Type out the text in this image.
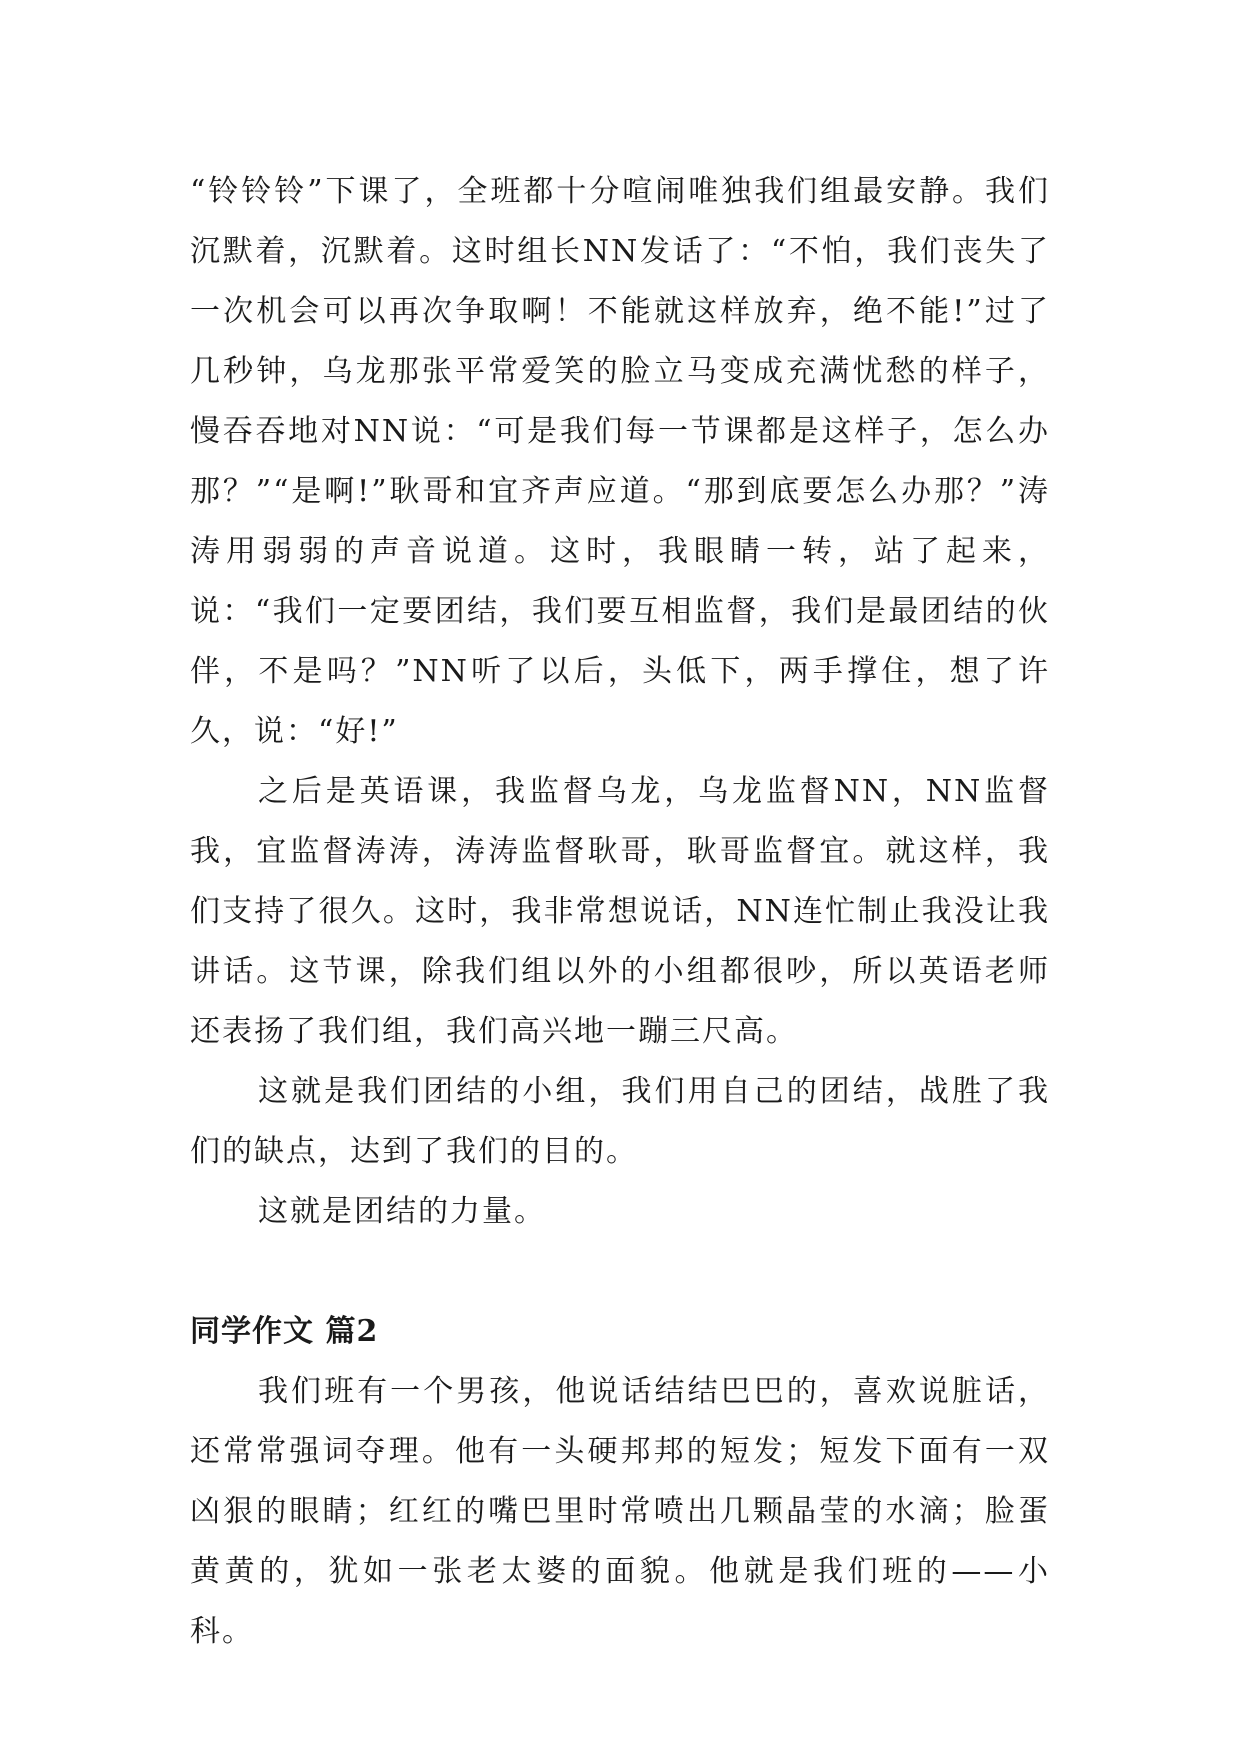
“铃铃铃”下课了，全班都十分喧闹唯独我们组最安静。我们沉默着，沉默着。这时组长NN发话了：“不怕，我们丧失了一次机会可以再次争取啊！不能就这样放弃，绝不能!”过了几秒钟，乌龙那张平常爱笑的脸立马变成充满忧愁的样子，慢吞吞地对NN说：“可是我们每一节课都是这样子，怎么办那？”“是啊!”耿哥和宜齐声应道。“那到底要怎么办那？”涛涛用弱弱的声音说道。这时，我眼睛一转，站了起来，说：“我们一定要团结，我们要互相监督，我们是最团结的伙伴，不是吗？”NN听了以后，头低下，两手撑住，想了许久，说：“好!”

之后是英语课，我监督乌龙，乌龙监督NN，NN监督我，宜监督涛涛，涛涛监督耿哥，耿哥监督宜。就这样，我们支持了很久。这时，我非常想说话，NN连忙制止我没让我讲话。这节课，除我们组以外的小组都很吵，所以英语老师还表扬了我们组，我们高兴地一蹦三尺高。

这就是我们团结的小组，我们用自己的团结，战胜了我们的缺点，达到了我们的目的。

这就是团结的力量。

同学作文 篇2

我们班有一个男孩，他说话结结巴巴的，喜欢说脏话，还常常强词夺理。他有一头硬邦邦的短发；短发下面有一双凶狠的眼睛；红红的嘴巴里时常喷出几颗晶莹的水滴；脸蛋黄黄的，犹如一张老太婆的面貌。他就是我们班的——小科。
